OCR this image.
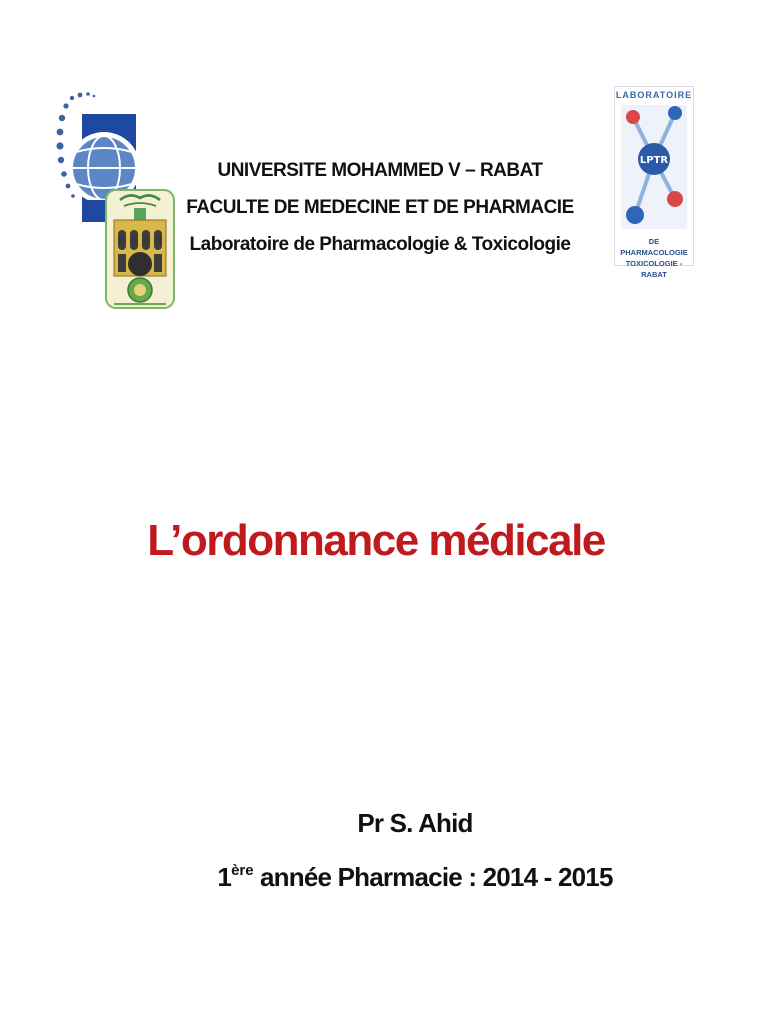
LABORATOIRE
LPTR
DE PHARMACOLOGIE
TOXICOLOGIE - RABAT
UNIVERSITE MOHAMMED V – RABAT
FACULTE DE MEDECINE ET DE PHARMACIE
Laboratoire de Pharmacologie & Toxicologie
L’ordonnance médicale
Pr S. Ahid
1ère année Pharmacie : 2014 - 2015
